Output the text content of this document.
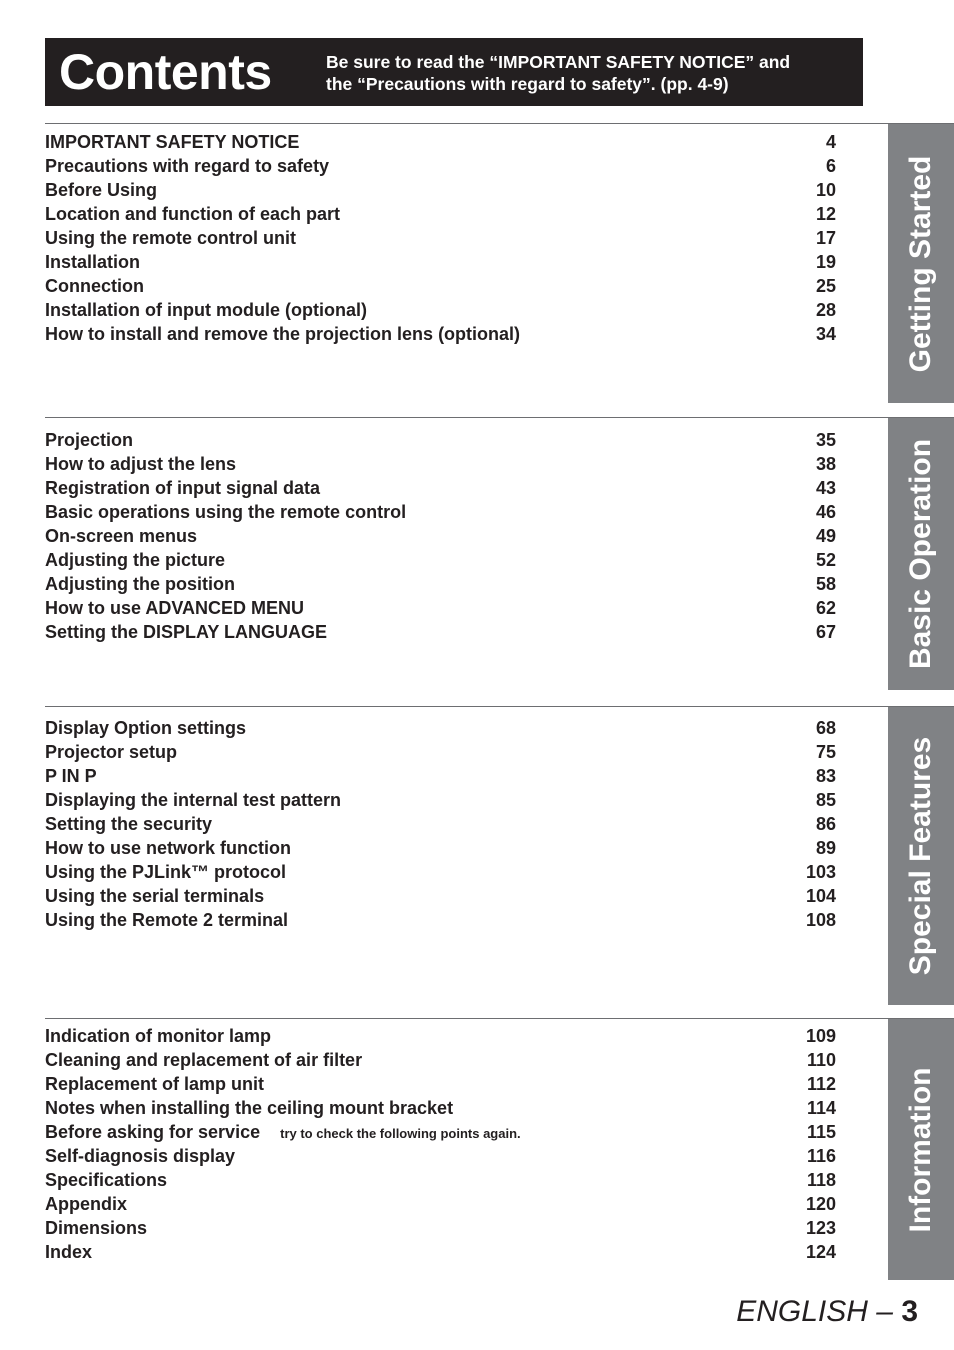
Contents	Be sure to read the “IMPORTANT SAFETY NOTICE” and
the “Precautions with regard to safety”. (pp. 4-9)
IMPORTANT SAFETY NOTICE	4
Precautions with regard to safety	6
Before Using	10
Location and function of each part	12
Using the remote control unit	17
Installation	19
Connection	25
Installation of input module (optional)	28
How to install and remove the projection lens (optional)	34 Getting Started
Projection	35
How to adjust the lens	38
Registration of input signal data	43
Basic operations using the remote control	46
On-screen menus	49
Adjusting the picture	52
Adjusting the position	58
How to use ADVANCED MENU	62
Setting the DISPLAY LANGUAGE	67 Basic Operation
Display Option settings	68
Projector setup	75
P IN P	83
Displaying the internal test pattern	85
Setting the security	86
How to use network function	89
Using the PJLink™ protocol	103
Using the serial terminals	104
Using the Remote 2 terminal	108 Special Features
Indication of monitor lamp	109
Cleaning and replacement of air filter	110
Replacement of lamp unit	112
Notes when installing the ceiling mount bracket	114
Before asking for service try to check the following points again.	115
Self-diagnosis display	116
Specifications	118
Appendix	120
Dimensions	123
Index	124
Information
ENGLISH – 3
